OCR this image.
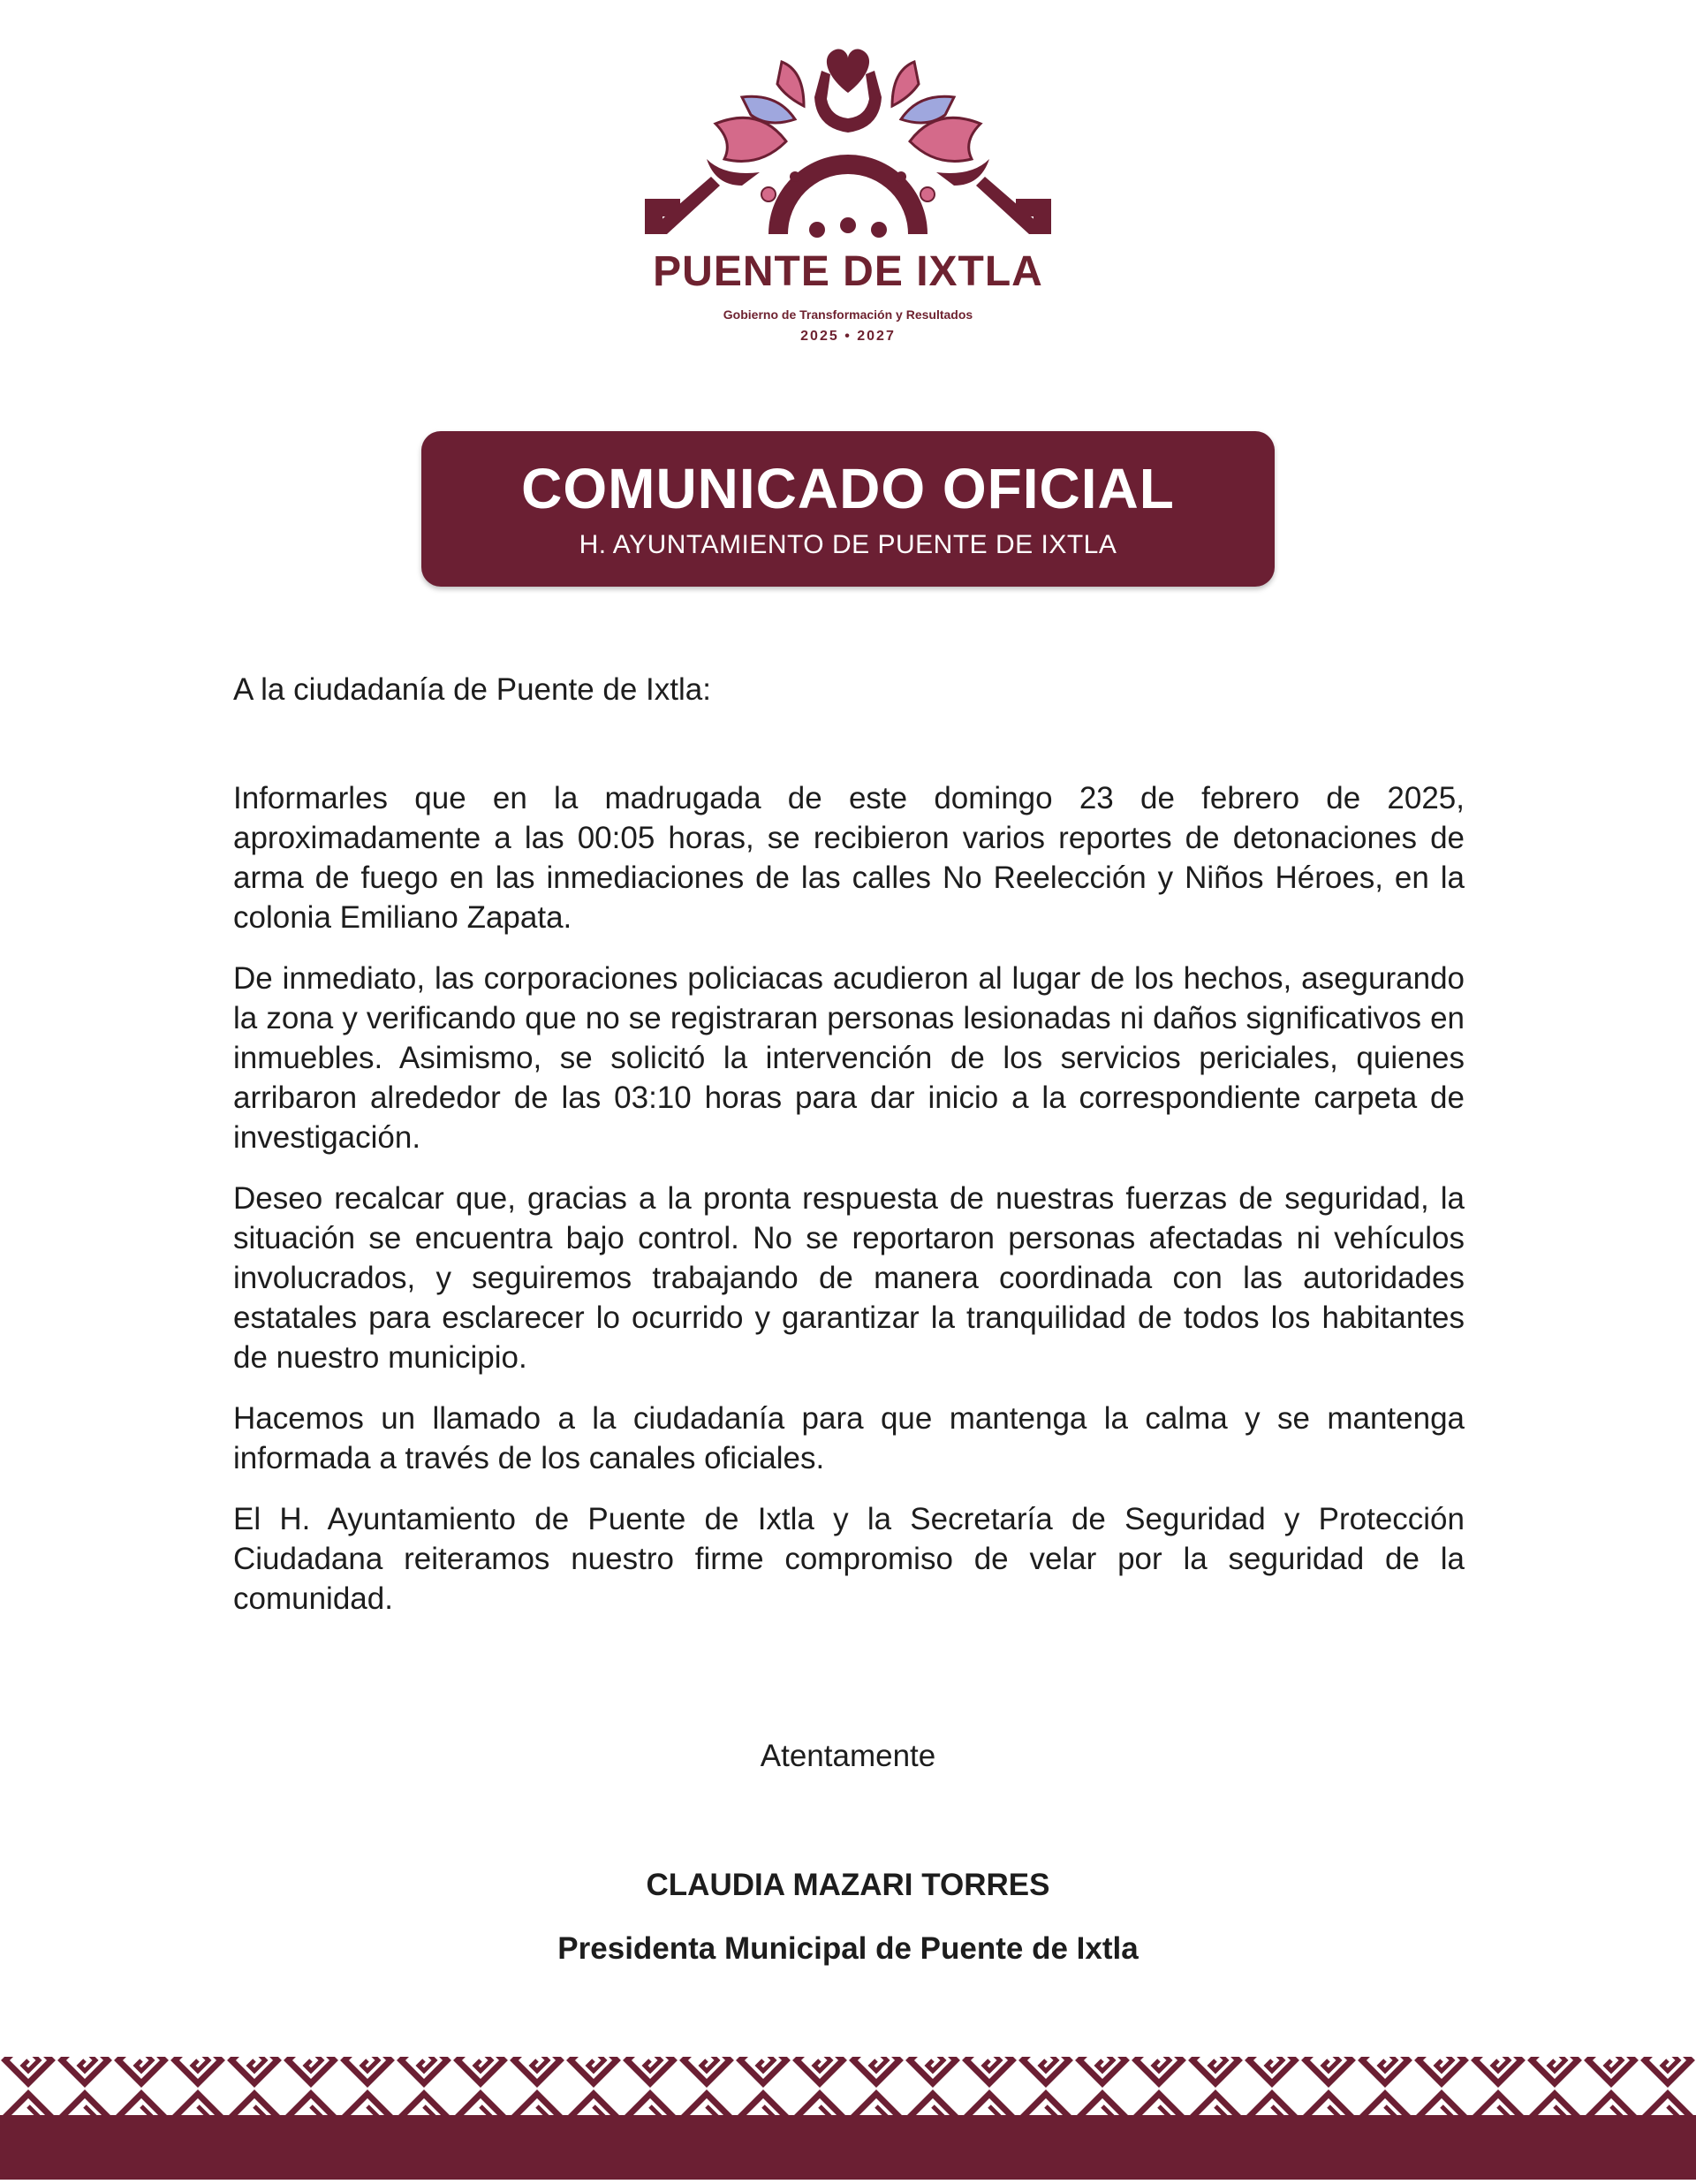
PUENTE DE IXTLA
Gobierno de Transformación y Resultados
2025 • 2027
COMUNICADO OFICIAL
H. AYUNTAMIENTO DE PUENTE DE IXTLA

A la ciudadanía de Puente de Ixtla:

Informarles que en la madrugada de este domingo 23 de febrero de 2025, aproximadamente a las 00:05 horas, se recibieron varios reportes de detonaciones de arma de fuego en las inmediaciones de las calles No Reelección y Niños Héroes, en la colonia Emiliano Zapata.

De inmediato, las corporaciones policiacas acudieron al lugar de los hechos, asegurando la zona y verificando que no se registraran personas lesionadas ni daños significativos en inmuebles. Asimismo, se solicitó la intervención de los servicios periciales, quienes arribaron alrededor de las 03:10 horas para dar inicio a la correspondiente carpeta de investigación.

Deseo recalcar que, gracias a la pronta respuesta de nuestras fuerzas de seguridad, la situación se encuentra bajo control. No se reportaron personas afectadas ni vehículos involucrados, y seguiremos trabajando de manera coordinada con las autoridades estatales para esclarecer lo ocurrido y garantizar la tranquilidad de todos los habitantes de nuestro municipio.

Hacemos un llamado a la ciudadanía para que mantenga la calma y se mantenga informada a través de los canales oficiales.

El H. Ayuntamiento de Puente de Ixtla y la Secretaría de Seguridad y Protección Ciudadana reiteramos nuestro firme compromiso de velar por la seguridad de la comunidad.

Atentamente
CLAUDIA MAZARI TORRES
Presidenta Municipal de Puente de Ixtla
